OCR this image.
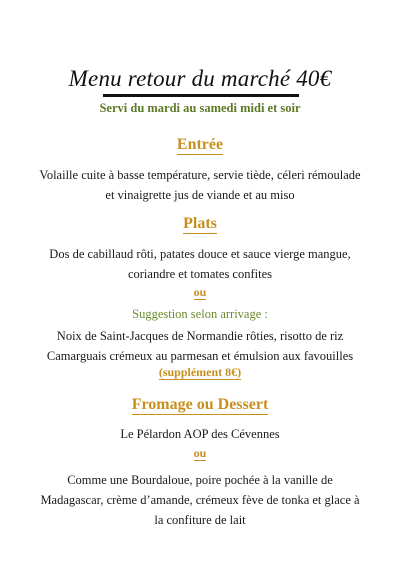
Menu retour du marché 40€
Servi du mardi au samedi midi et soir
Entrée
Volaille cuite à basse température, servie tiède, céleri rémoulade
et vinaigrette jus de viande et au miso
Plats
Dos de cabillaud rôti, patates douce et sauce vierge mangue,
coriandre et tomates confites
ou
Suggestion selon arrivage :
Noix de Saint-Jacques de Normandie rôties, risotto de riz
Camarguais crémeux au parmesan et émulsion aux favouilles
(supplément 8€)
Fromage ou Dessert
Le Pélardon AOP des Cévennes
ou
Comme une Bourdaloue, poire pochée à la vanille de
Madagascar, crème d’amande, crémeux fève de tonka et glace à
la confiture de lait
